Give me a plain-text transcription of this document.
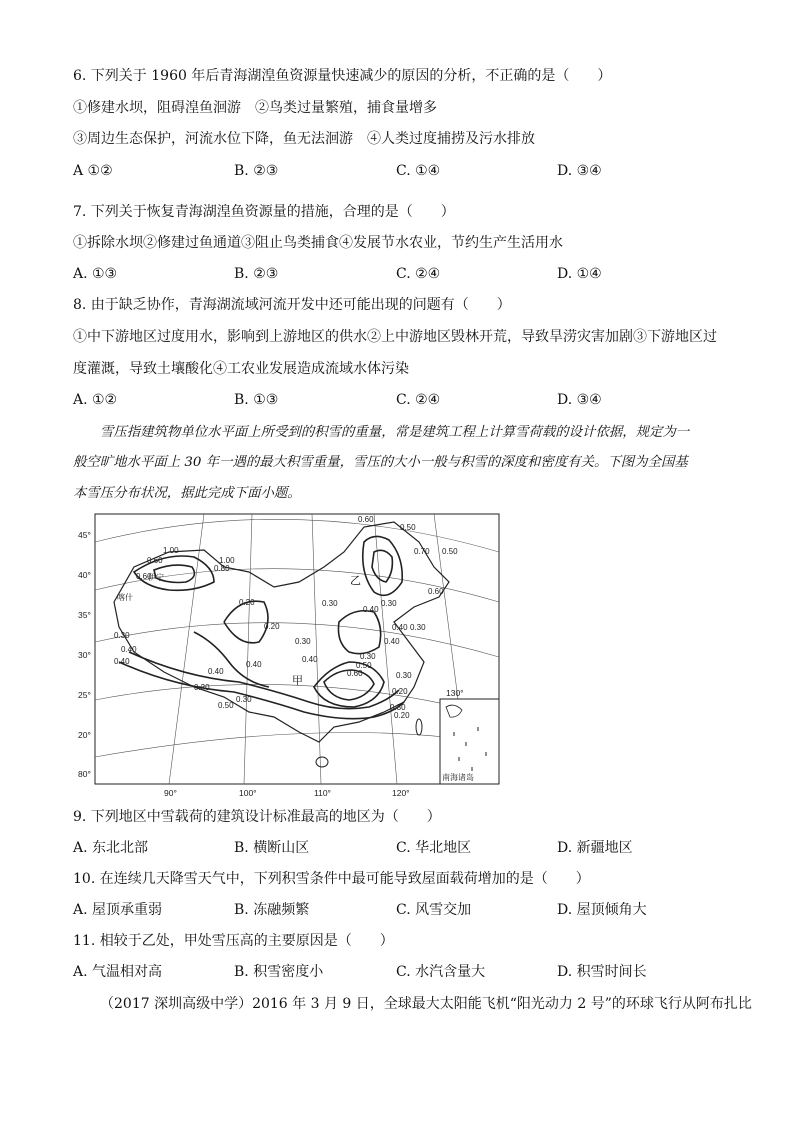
6. 下列关于 1960 年后青海湖湟鱼资源量快速减少的原因的分析，不正确的是（　　）
①修建水坝，阻碍湟鱼洄游　②鸟类过量繁殖，捕食量增多
③周边生态保护，河流水位下降，鱼无法洄游　④人类过度捕捞及污水排放
A ①②	B. ②③	C. ①④	D. ③④
7. 下列关于恢复青海湖湟鱼资源量的措施，合理的是（　　）
①拆除水坝②修建过鱼通道③阻止鸟类捕食④发展节水农业，节约生产生活用水
A. ①③	B. ②③	C. ②④	D. ①④
8. 由于缺乏协作，青海湖流域河流开发中还可能出现的问题有（　　）
①中下游地区过度用水，影响到上游地区的供水②上中游地区毁林开荒，导致旱涝灾害加剧③下游地区过
度灌溉，导致土壤酸化④工农业发展造成流域水体污染
A. ①②	B. ①③	C. ②④	D. ③④
雪压指建筑物单位水平面上所受到的积雪的重量，常是建筑工程上计算雪荷载的设计依据，规定为一
般空旷地水平面上 30 年一遇的最大积雪重量，雪压的大小一般与积雪的深度和密度有关。下图为全国基
本雪压分布状况，据此完成下面小题。
南海诸岛
45°
40°
35°
30°
25°
20°
80°
90°	100°	110°	120°
130°
0.60
0.50
1.00
1.00
0.80
0.60
0.60
0.70 0.50
0.60
0.20	0.30
0.40
0.30
0.40 0.30
0.20
0.30
0.30
0.40
0.40
0.40
0.50
0.60
0.30
0.40
0.40
0.20	0.20
0.20
0.50
0.30
0.30
0.40
0.30
伊宁
喀什
乙
甲
9. 下列地区中雪载荷的建筑设计标准最高的地区为（　　）
A. 东北北部	B. 横断山区	C. 华北地区	D. 新疆地区
10. 在连续几天降雪天气中，下列积雪条件中最可能导致屋面载荷增加的是（　　）
A. 屋顶承重弱	B. 冻融频繁	C. 风雪交加	D. 屋顶倾角大
11. 相较于乙处，甲处雪压高的主要原因是（　　）
A. 气温相对高	B. 积雪密度小	C. 水汽含量大	D. 积雪时间长
（2017 深圳高级中学）2016 年 3 月 9 日，全球最大太阳能飞机“阳光动力 2 号”的环球飞行从阿布扎比
